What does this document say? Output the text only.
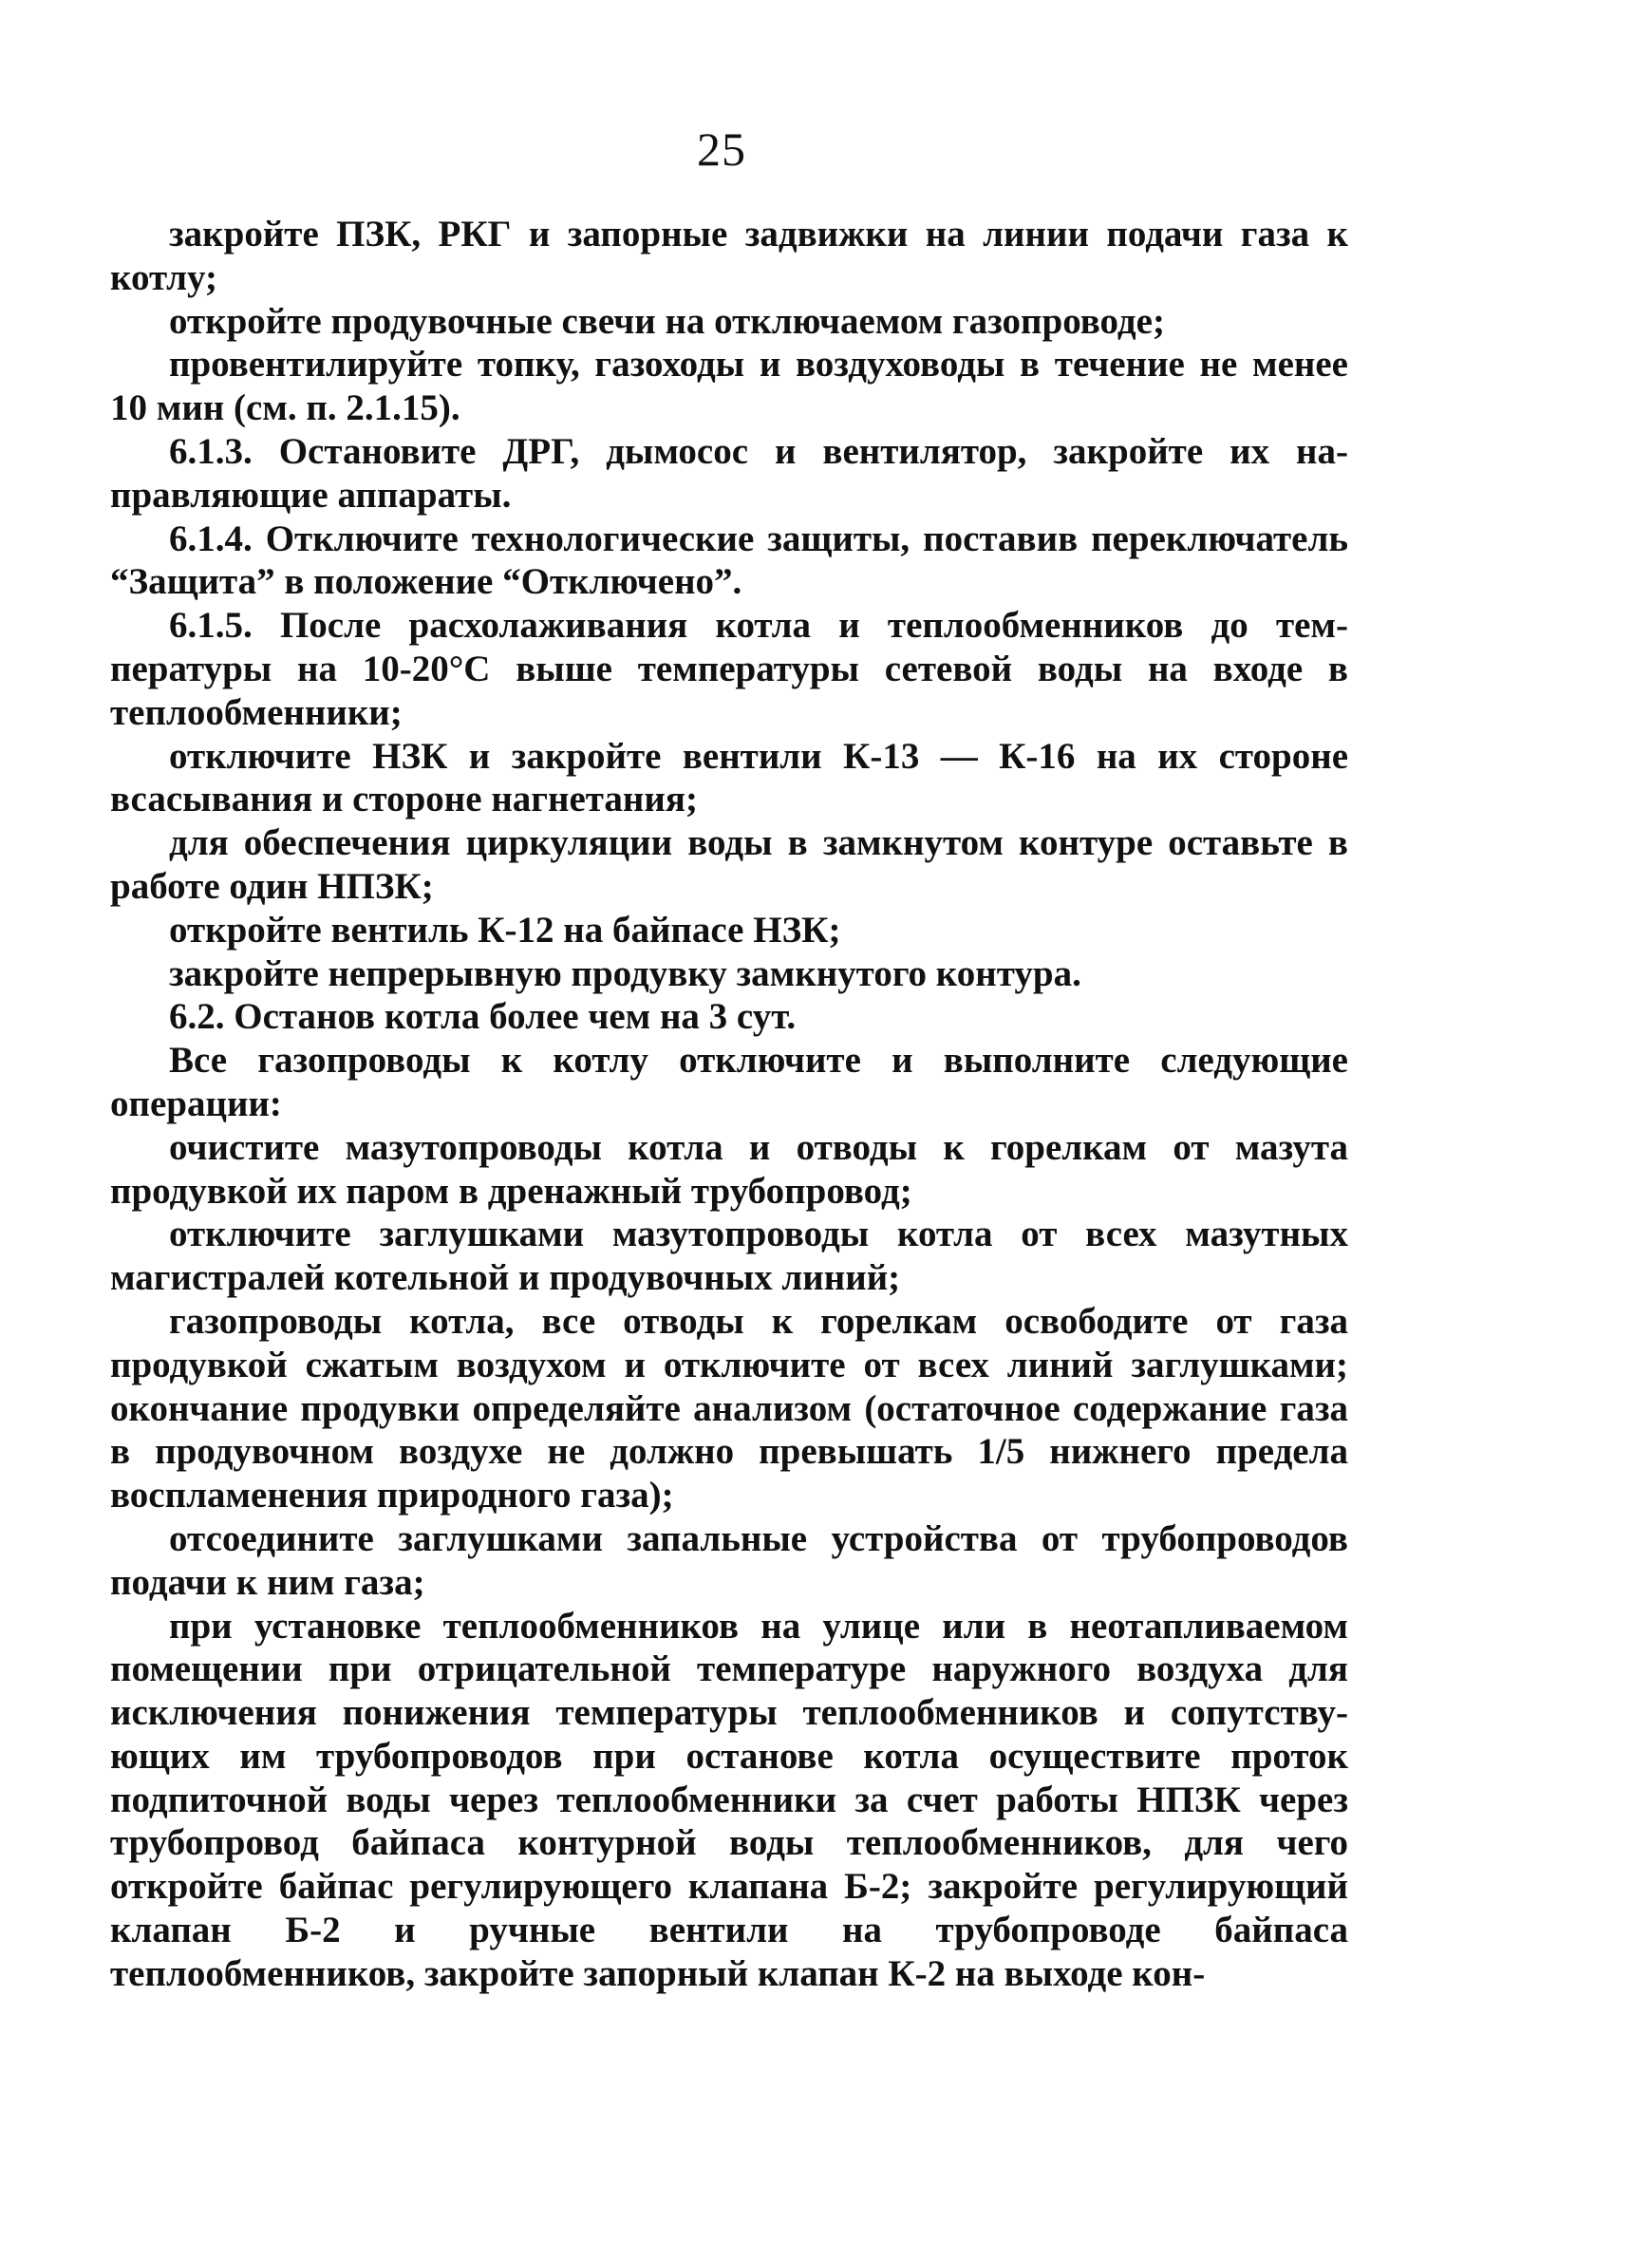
25

закройте ПЗК, РКГ и запорные задвижки на линии подачи газа к котлу;

откройте продувочные свечи на отключаемом газопроводе;

провентилируйте топку, газоходы и воздуховоды в течение не менее 10 мин (см. п. 2.1.15).

6.1.3. Остановите ДРГ, дымосос и вентилятор, закройте их направляющие аппараты.

6.1.4. Отключите технологические защиты, поставив переключатель “Защита” в положение “Отключено”.

6.1.5. После расхолаживания котла и теплообменников до температуры на 10-20°С выше температуры сетевой воды на входе в теплообменники;

отключите НЗК и закройте вентили К-13 — К-16 на их стороне всасывания и стороне нагнетания;

для обеспечения циркуляции воды в замкнутом контуре оставьте в работе один НПЗК;

откройте вентиль К-12 на байпасе НЗК;

закройте непрерывную продувку замкнутого контура.

6.2. Останов котла более чем на 3 сут.

Все газопроводы к котлу отключите и выполните следующие операции:

очистите мазутопроводы котла и отводы к горелкам от мазута продувкой их паром в дренажный трубопровод;

отключите заглушками мазутопроводы котла от всех мазутных магистралей котельной и продувочных линий;

газопроводы котла, все отводы к горелкам освободите от газа продувкой сжатым воздухом и отключите от всех линий заглушками; окончание продувки определяйте анализом (остаточное содержание газа в продувочном воздухе не должно превышать 1/5 нижнего предела воспламенения природного газа);

отсоедините заглушками запальные устройства от трубопроводов подачи к ним газа;

при установке теплообменников на улице или в неотапливаемом помещении при отрицательной температуре наружного воздуха для исключения понижения температуры теплообменников и сопутствующих им трубопроводов при останове котла осуществите проток подпиточной воды через теплообменники за счет работы НПЗК через трубопровод байпаса контурной воды теплообменников, для чего откройте байпас регулирующего клапана Б-2; закройте регулирующий клапан Б-2 и ручные вентили на трубопроводе байпаса теплообменников, закройте запорный клапан К-2 на выходе кон-
